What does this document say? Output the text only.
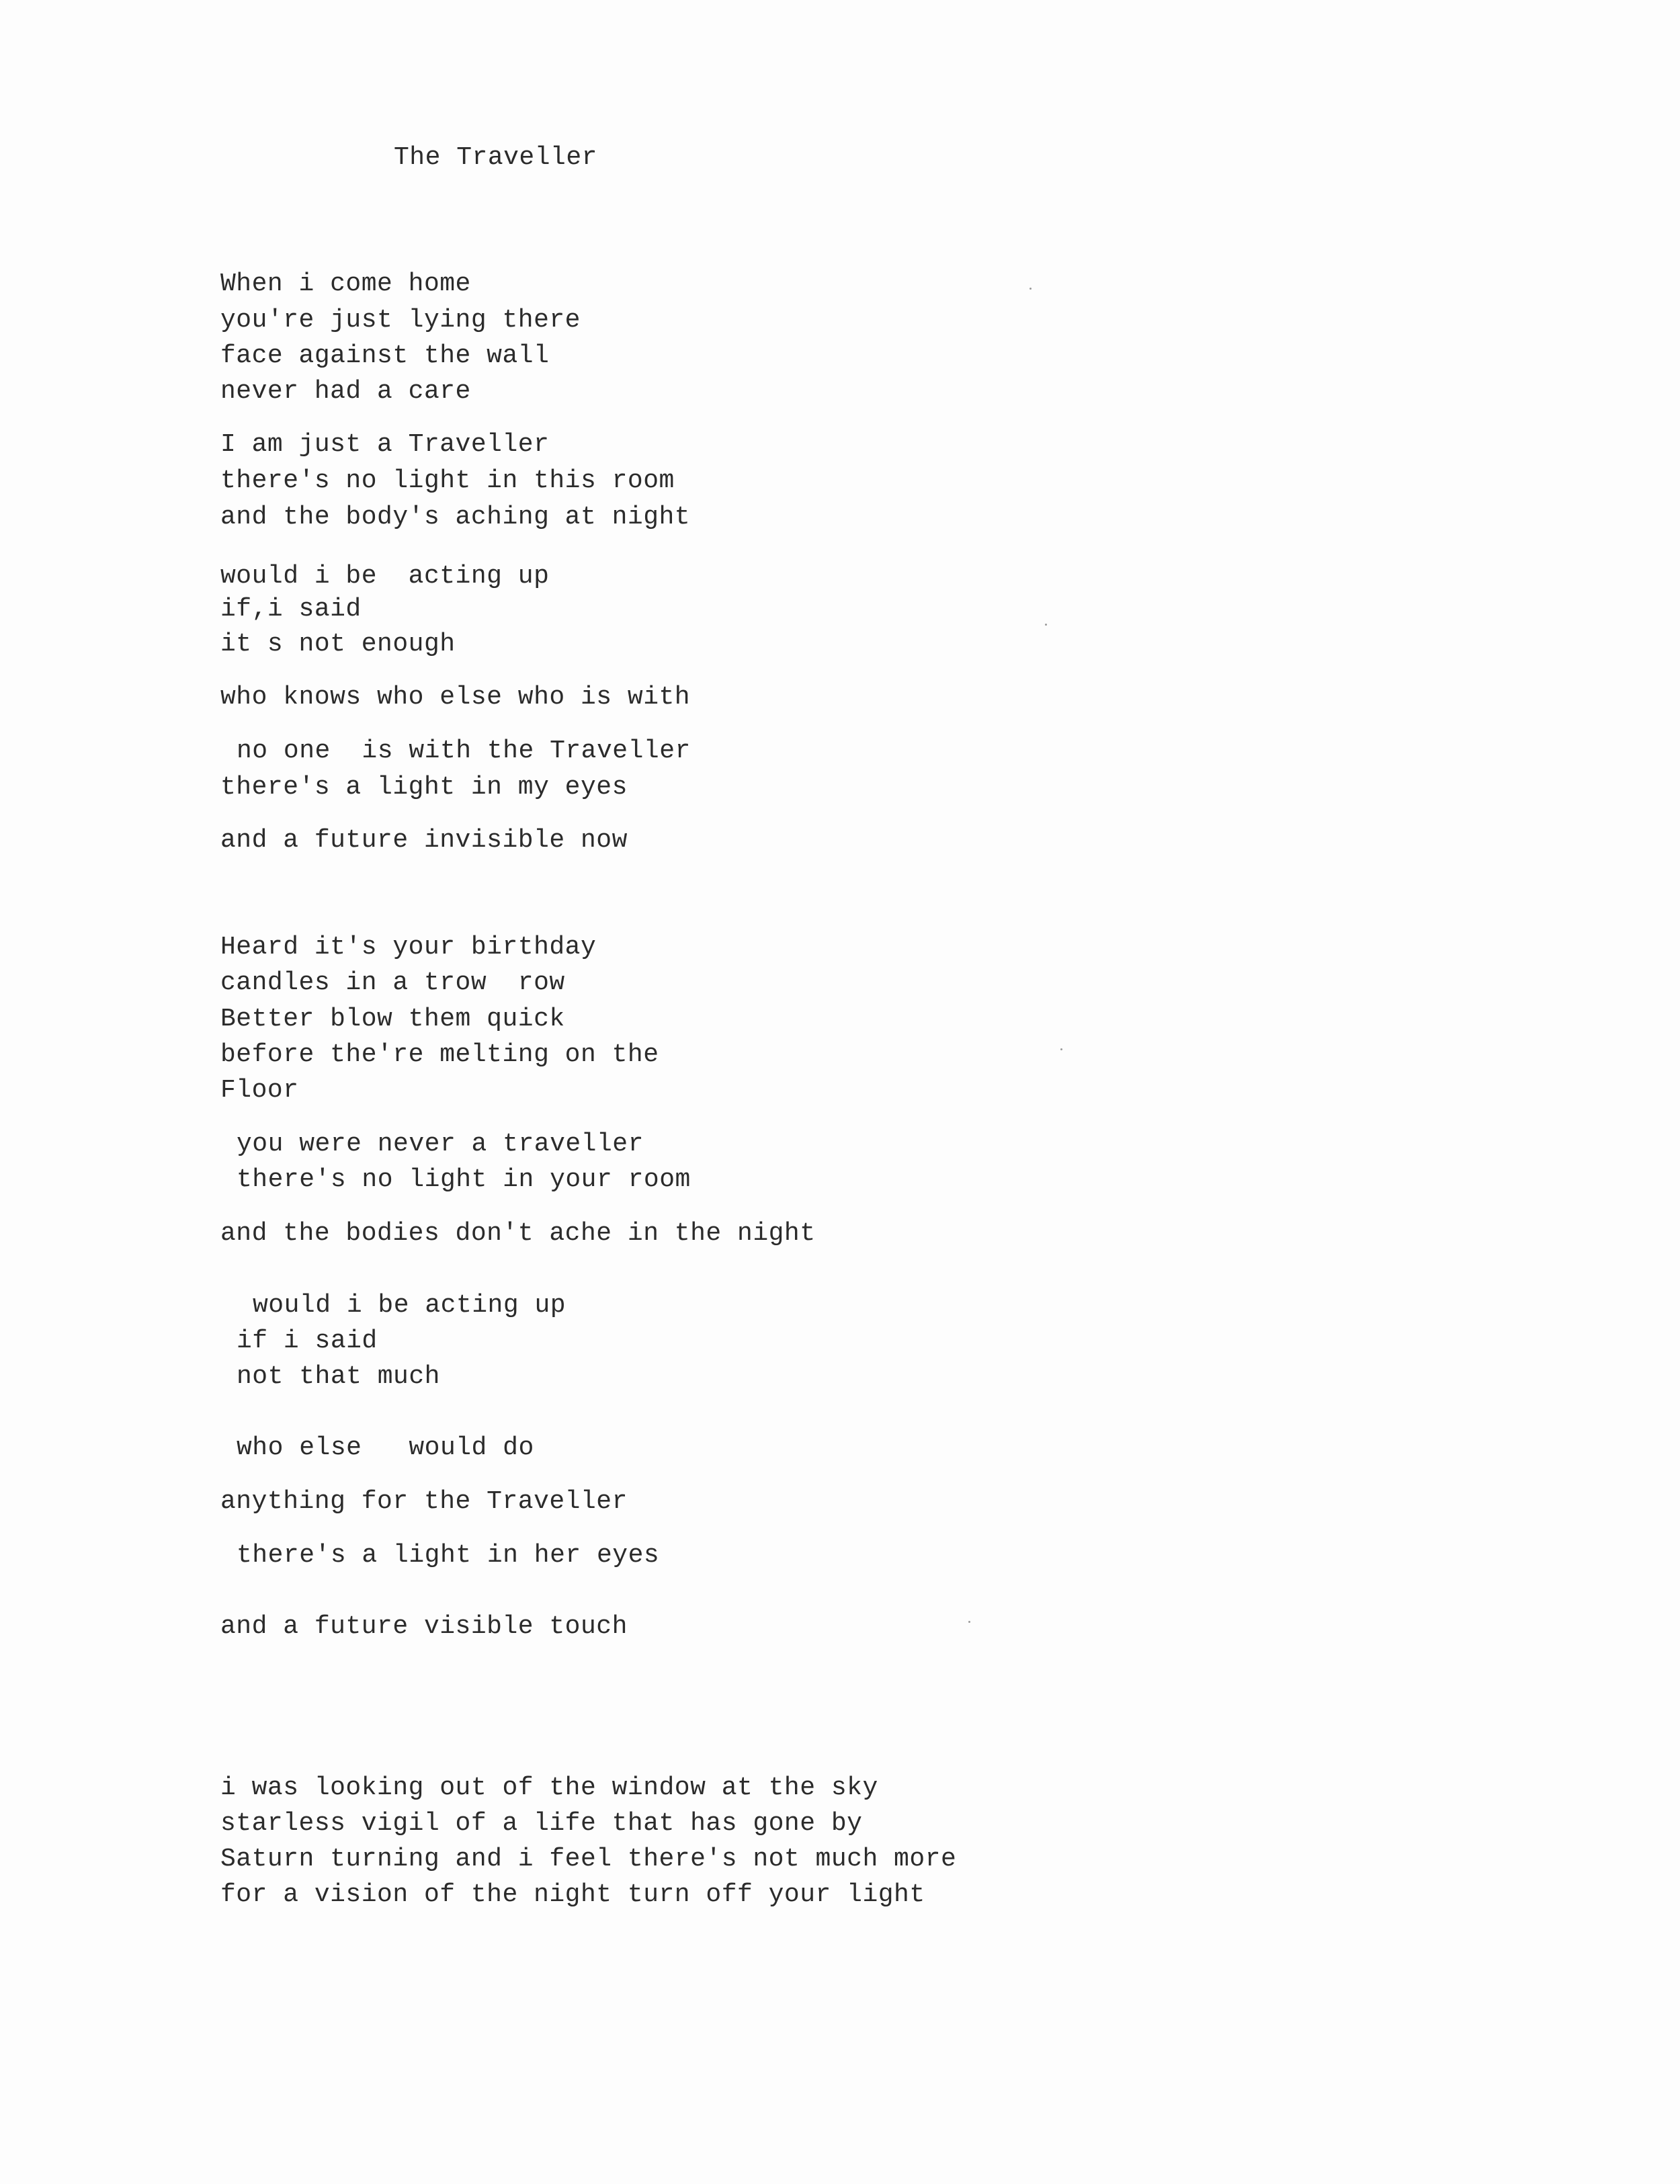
The Traveller
When i come home
you're just lying there
face against the wall
never had a care
I am just a Traveller
there's no light in this room
and the body's aching at night
would i be  acting up
if,i said
it s not enough
who knows who else who is with
no one  is with the Traveller
there's a light in my eyes
and a future invisible now
Heard it's your birthday
candles in a trow  row
Better blow them quick
before the're melting on the
Floor
you were never a traveller
there's no light in your room
and the bodies don't ache in the night
would i be acting up
if i said
not that much
who else   would do
anything for the Traveller
there's a light in her eyes
and a future visible touch
i was looking out of the window at the sky
starless vigil of a life that has gone by
Saturn turning and i feel there's not much more
for a vision of the night turn off your light
